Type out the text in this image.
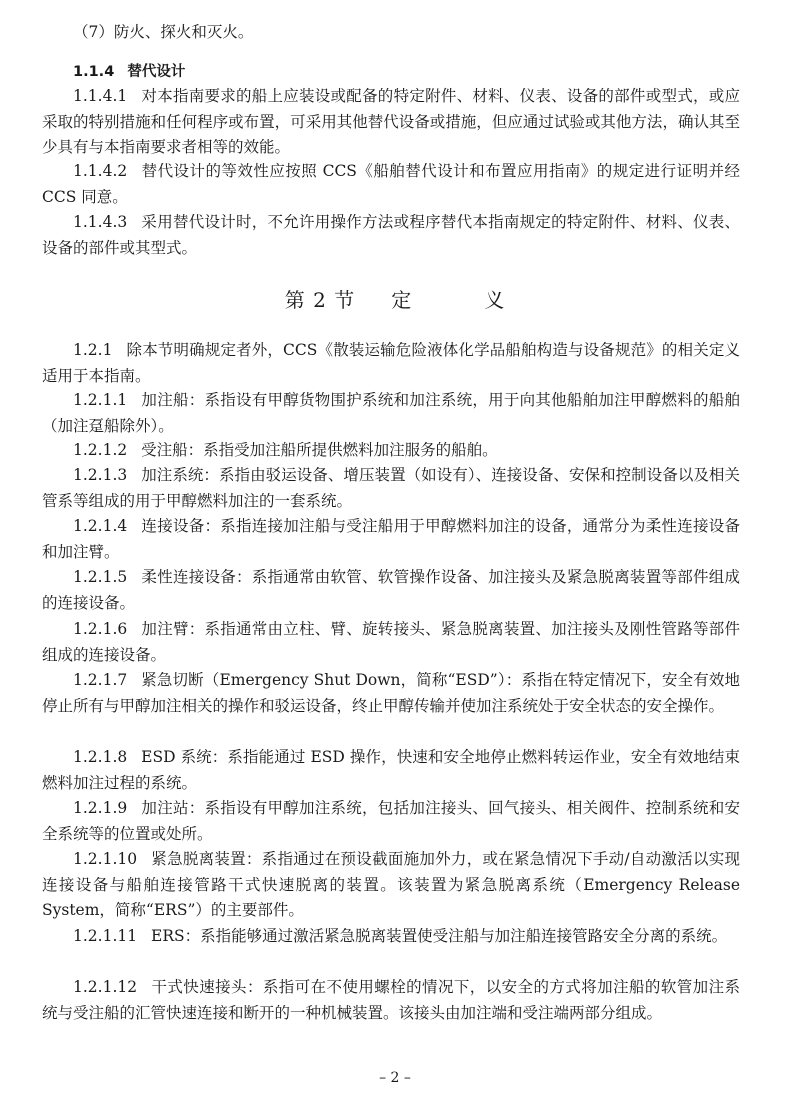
（7）防火、探火和灭火。

1.1.4 替代设计

1.1.4.1 对本指南要求的船上应装设或配备的特定附件、材料、仪表、设备的部件或型式，或应采取的特别措施和任何程序或布置，可采用其他替代设备或措施，但应通过试验或其他方法，确认其至少具有与本指南要求者相等的效能。

1.1.4.2 替代设计的等效性应按照 CCS《船舶替代设计和布置应用指南》的规定进行证明并经 CCS 同意。

1.1.4.3 采用替代设计时，不允许用操作方法或程序替代本指南规定的特定附件、材料、仪表、设备的部件或其型式。

第 2 节 定	义

1.2.1 除本节明确规定者外，CCS《散装运输危险液体化学品船舶构造与设备规范》的相关定义适用于本指南。

1.2.1.1 加注船：系指设有甲醇货物围护系统和加注系统，用于向其他船舶加注甲醇燃料的船舶（加注趸船除外）。

1.2.1.2 受注船：系指受加注船所提供燃料加注服务的船舶。

1.2.1.3 加注系统：系指由驳运设备、增压装置（如设有）、连接设备、安保和控制设备以及相关管系等组成的用于甲醇燃料加注的一套系统。

1.2.1.4 连接设备：系指连接加注船与受注船用于甲醇燃料加注的设备，通常分为柔性连接设备和加注臂。

1.2.1.5 柔性连接设备：系指通常由软管、软管操作设备、加注接头及紧急脱离装置等部件组成的连接设备。

1.2.1.6 加注臂：系指通常由立柱、臂、旋转接头、紧急脱离装置、加注接头及刚性管路等部件组成的连接设备。

1.2.1.7 紧急切断（Emergency Shut Down，简称“ESD”）：系指在特定情况下，安全有效地停止所有与甲醇加注相关的操作和驳运设备，终止甲醇传输并使加注系统处于安全状态的安全操作。

1.2.1.8 ESD 系统：系指能通过 ESD 操作，快速和安全地停止燃料转运作业，安全有效地结束燃料加注过程的系统。

1.2.1.9 加注站：系指设有甲醇加注系统，包括加注接头、回气接头、相关阀件、控制系统和安全系统等的位置或处所。

1.2.1.10 紧急脱离装置：系指通过在预设截面施加外力，或在紧急情况下手动/自动激活以实现连接设备与船舶连接管路干式快速脱离的装置。该装置为紧急脱离系统（Emergency Release System，简称“ERS”）的主要部件。

1.2.1.11 ERS：系指能够通过激活紧急脱离装置使受注船与加注船连接管路安全分离的系统。

1.2.1.12 干式快速接头：系指可在不使用螺栓的情况下，以安全的方式将加注船的软管加注系统与受注船的汇管快速连接和断开的一种机械装置。该接头由加注端和受注端两部分组成。

– 2 –
